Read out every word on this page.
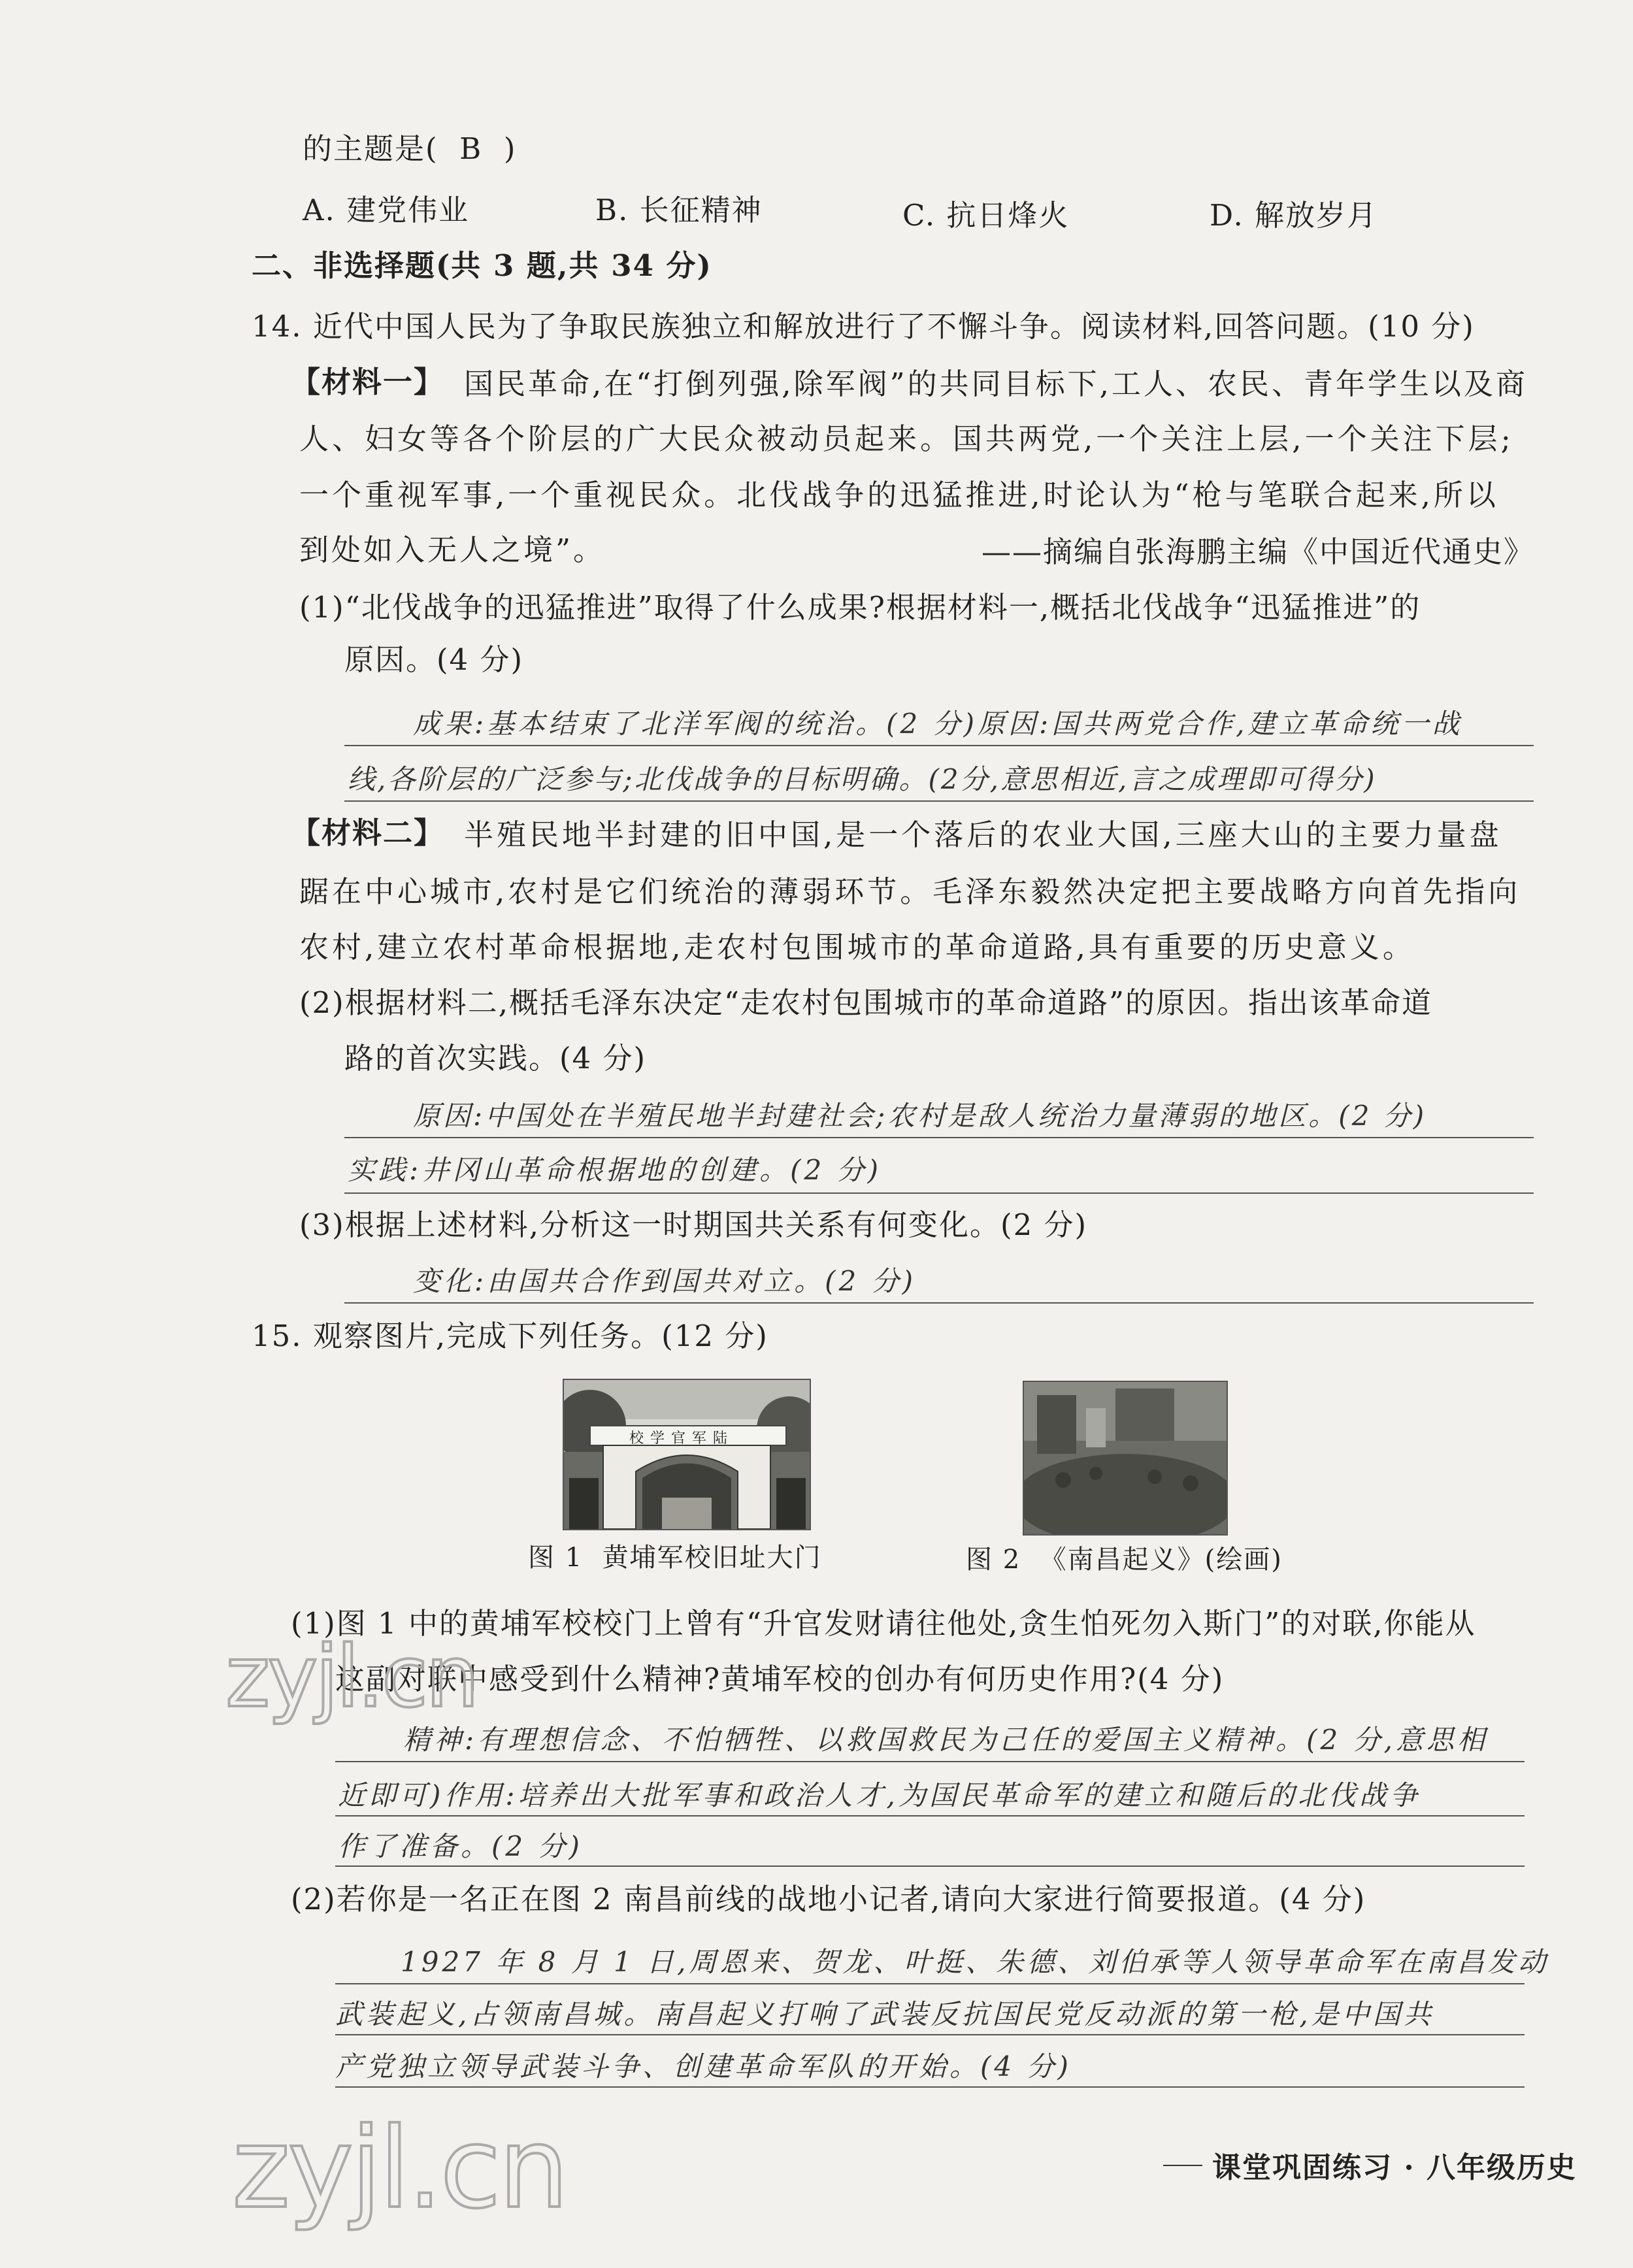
的主题是(  B  )
A. 建党伟业	B. 长征精神	C. 抗日烽火	D. 解放岁月
二、非选择题(共 3 题,共 34 分)
14. 近代中国人民为了争取民族独立和解放进行了不懈斗争。阅读材料,回答问题。(10 分)
【材料一】 国民革命,在“打倒列强,除军阀”的共同目标下,工人、农民、青年学生以及商
人、妇女等各个阶层的广大民众被动员起来。国共两党,一个关注上层,一个关注下层;
一个重视军事,一个重视民众。北伐战争的迅猛推进,时论认为“枪与笔联合起来,所以
到处如入无人之境”。	——摘编自张海鹏主编《中国近代通史》
(1)“北伐战争的迅猛推进”取得了什么成果?根据材料一,概括北伐战争“迅猛推进”的
原因。(4 分)
成果:基本结束了北洋军阀的统治。(2 分)原因:国共两党合作,建立革命统一战
线,各阶层的广泛参与;北伐战争的目标明确。(2分,意思相近,言之成理即可得分)
【材料二】 半殖民地半封建的旧中国,是一个落后的农业大国,三座大山的主要力量盘
踞在中心城市,农村是它们统治的薄弱环节。毛泽东毅然决定把主要战略方向首先指向
农村,建立农村革命根据地,走农村包围城市的革命道路,具有重要的历史意义。
(2)根据材料二,概括毛泽东决定“走农村包围城市的革命道路”的原因。指出该革命道
路的首次实践。(4 分)
原因:中国处在半殖民地半封建社会;农村是敌人统治力量薄弱的地区。(2 分)
实践:井冈山革命根据地的创建。(2 分)
(3)根据上述材料,分析这一时期国共关系有何变化。(2 分)
变化:由国共合作到国共对立。(2 分)
15. 观察图片,完成下列任务。(12 分)
校学官军陆
图 1  黄埔军校旧址大门	图 2  《南昌起义》(绘画)
(1)图 1 中的黄埔军校校门上曾有“升官发财请往他处,贪生怕死勿入斯门”的对联,你能从
这副对联中感受到什么精神?黄埔军校的创办有何历史作用?(4 分)
精神:有理想信念、不怕牺牲、以救国救民为己任的爱国主义精神。(2 分,意思相
近即可)作用:培养出大批军事和政治人才,为国民革命军的建立和随后的北伐战争
作了准备。(2 分)
(2)若你是一名正在图 2 南昌前线的战地小记者,请向大家进行简要报道。(4 分)
1927 年 8 月 1 日,周恩来、贺龙、叶挺、朱德、刘伯承等人领导革命军在南昌发动
武装起义,占领南昌城。南昌起义打响了武装反抗国民党反动派的第一枪,是中国共
产党独立领导武装斗争、创建革命军队的开始。(4 分)
课堂巩固练习 · 八年级历史
zyjl.cn
zyjl.cn
